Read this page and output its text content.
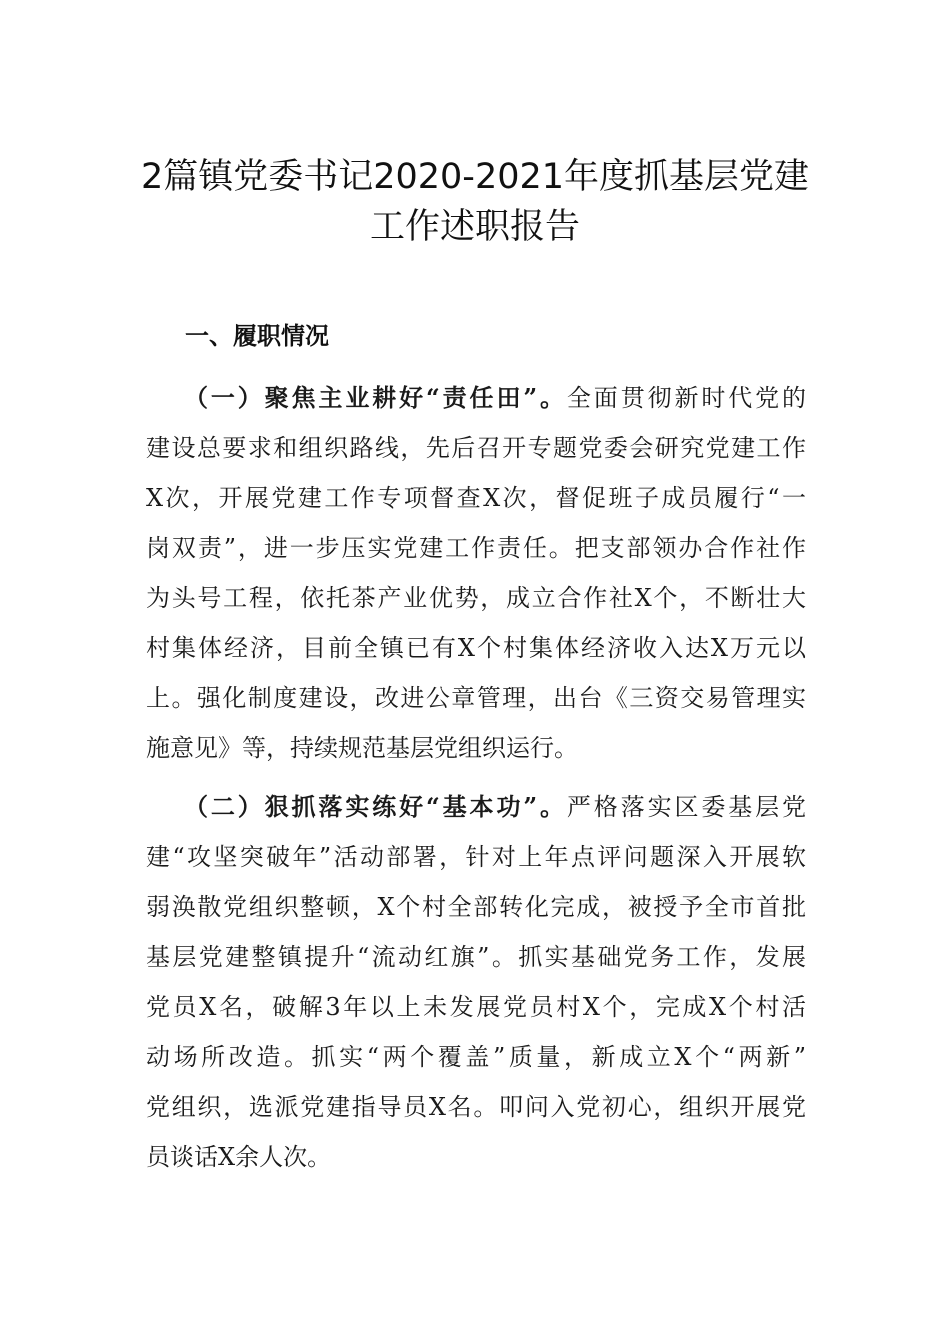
2篇镇党委书记2020-2021年度抓基层党建
工作述职报告
一、履职情况
（一）聚焦主业耕好“责任田”。全面贯彻新时代党的
建设总要求和组织路线，先后召开专题党委会研究党建工作
X次，开展党建工作专项督查X次，督促班子成员履行“一
岗双责”，进一步压实党建工作责任。把支部领办合作社作
为头号工程，依托茶产业优势，成立合作社X个，不断壮大
村集体经济，目前全镇已有X个村集体经济收入达X万元以
上。强化制度建设，改进公章管理，出台《三资交易管理实
施意见》等，持续规范基层党组织运行。
（二）狠抓落实练好“基本功”。严格落实区委基层党
建“攻坚突破年”活动部署，针对上年点评问题深入开展软
弱涣散党组织整顿，X个村全部转化完成，被授予全市首批
基层党建整镇提升“流动红旗”。抓实基础党务工作，发展
党员X名，破解3年以上未发展党员村X个，完成X个村活
动场所改造。抓实“两个覆盖”质量，新成立X个“两新”
党组织，选派党建指导员X名。叩问入党初心，组织开展党
员谈话X余人次。
